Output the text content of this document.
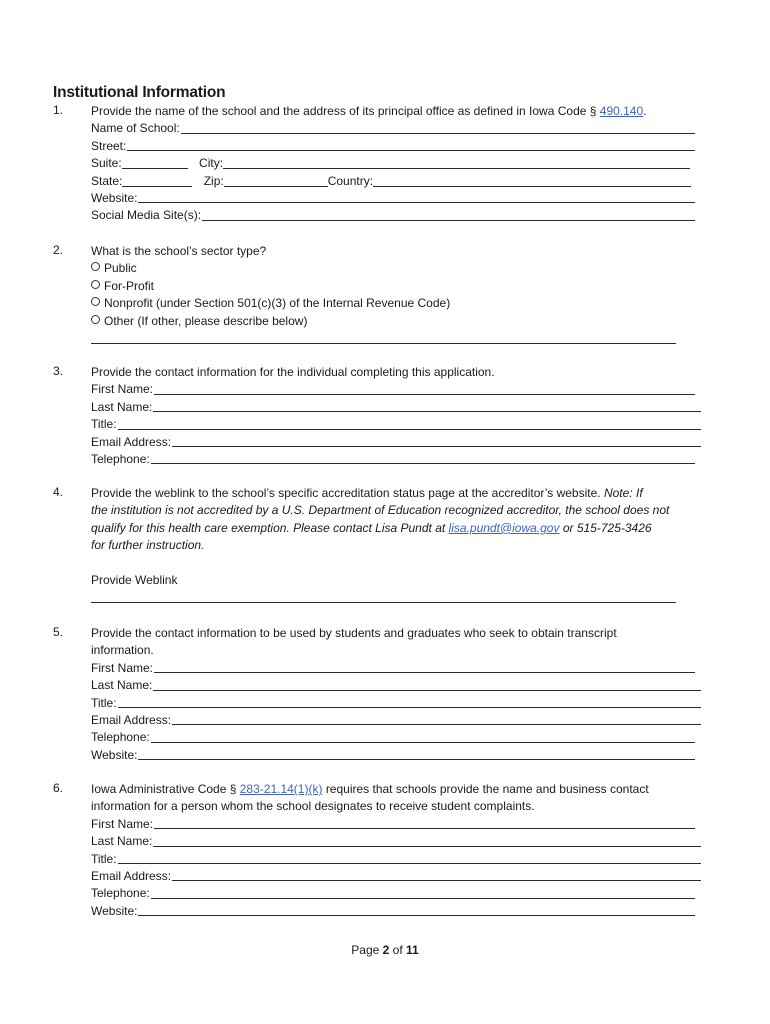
Institutional Information
1. Provide the name of the school and the address of its principal office as defined in Iowa Code § 490.140.
Name of School:
Street:
Suite:	City:
State:	Zip:	Country:
Website:
Social Media Site(s):
2. What is the school’s sector type?
Public
For-Profit
Nonprofit (under Section 501(c)(3) of the Internal Revenue Code)
Other (If other, please describe below)
3. Provide the contact information for the individual completing this application.
First Name:
Last Name:
Title:
Email Address:
Telephone:
4. Provide the weblink to the school’s specific accreditation status page at the accreditor’s website. Note: If
the institution is not accredited by a U.S. Department of Education recognized accreditor, the school does not
qualify for this health care exemption. Please contact Lisa Pundt at lisa.pundt@iowa.gov or 515-725-3426
for further instruction.
Provide Weblink
5. Provide the contact information to be used by students and graduates who seek to obtain transcript
information.
First Name:
Last Name:
Title:
Email Address:
Telephone:
Website:
6. Iowa Administrative Code § 283-21.14(1)(k) requires that schools provide the name and business contact
information for a person whom the school designates to receive student complaints.
First Name:
Last Name:
Title:
Email Address:
Telephone:
Website:
Page 2 of 11
